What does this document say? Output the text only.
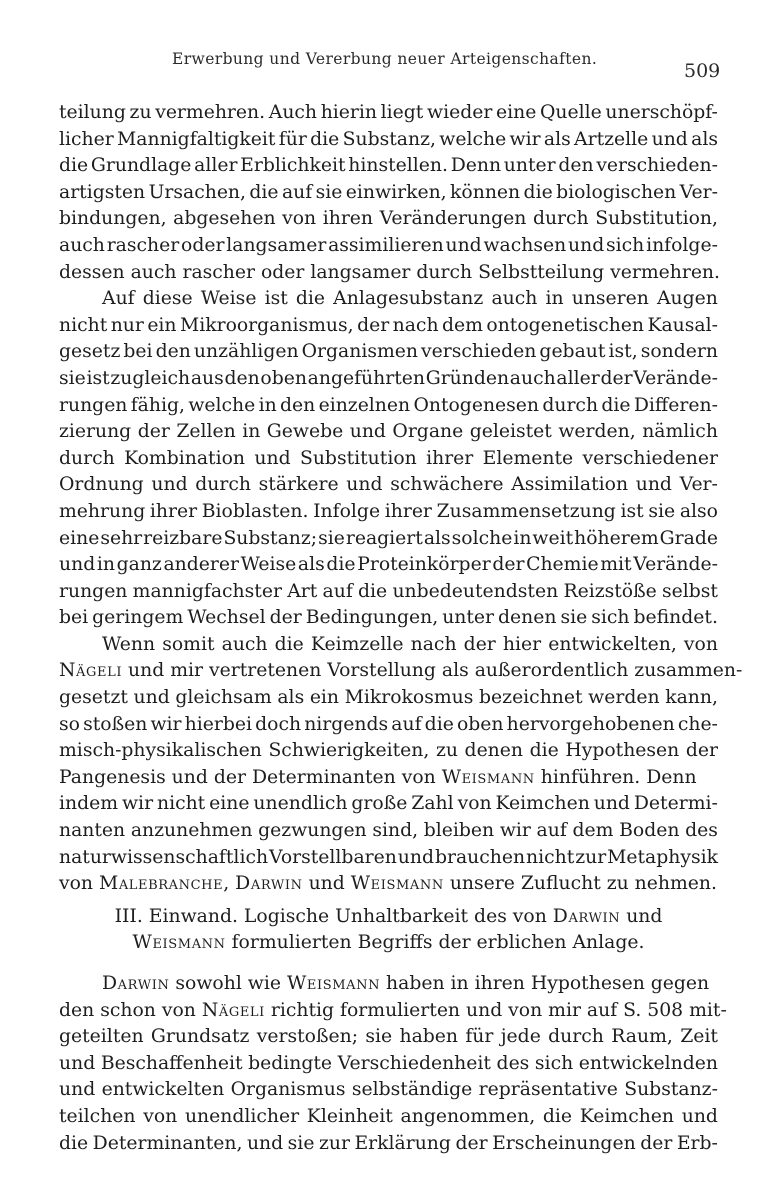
Erwerbung und Vererbung neuer Arteigenschaften.
509
teilung zu vermehren. Auch hierin liegt wieder eine Quelle unerschöpf-
licher Mannigfaltigkeit für die Substanz, welche wir als Artzelle und als
die Grundlage aller Erblichkeit hinstellen. Denn unter den verschieden-
artigsten Ursachen, die auf sie einwirken, können die biologischen Ver-
bindungen, abgesehen von ihren Veränderungen durch Substitution,
auch rascher oder langsamer assimilieren und wachsen und sich infolge-
dessen auch rascher oder langsamer durch Selbstteilung vermehren.
Auf diese Weise ist die Anlagesubstanz auch in unseren Augen
nicht nur ein Mikroorganismus, der nach dem ontogenetischen Kausal-
gesetz bei den unzähligen Organismen verschieden gebaut ist, sondern
sie ist zugleich aus den oben angeführten Gründen auch aller der Verände-
rungen fähig, welche in den einzelnen Ontogenesen durch die Differen-
zierung der Zellen in Gewebe und Organe geleistet werden, nämlich
durch Kombination und Substitution ihrer Elemente verschiedener
Ordnung und durch stärkere und schwächere Assimilation und Ver-
mehrung ihrer Bioblasten. Infolge ihrer Zusammensetzung ist sie also
eine sehr reizbare Substanz; sie reagiert als solche in weit höherem Grade
und in ganz anderer Weise als die Proteinkörper der Chemie mit Verände-
rungen mannigfachster Art auf die unbedeutendsten Reizstöße selbst
bei geringem Wechsel der Bedingungen, unter denen sie sich befindet.
Wenn somit auch die Keimzelle nach der hier entwickelten, von
Nägeli und mir vertretenen Vorstellung als außerordentlich zusammen-
gesetzt und gleichsam als ein Mikrokosmus bezeichnet werden kann,
so stoßen wir hierbei doch nirgends auf die oben hervorgehobenen che-
misch-physikalischen Schwierigkeiten, zu denen die Hypothesen der
Pangenesis und der Determinanten von Weismann hinführen. Denn
indem wir nicht eine unendlich große Zahl von Keimchen und Determi-
nanten anzunehmen gezwungen sind, bleiben wir auf dem Boden des
naturwissenschaftlich Vorstellbaren und brauchen nicht zur Metaphysik
von Malebranche, Darwin und Weismann unsere Zuflucht zu nehmen.
III. Einwand. Logische Unhaltbarkeit des von Darwin und
Weismann formulierten Begriffs der erblichen Anlage.
Darwin sowohl wie Weismann haben in ihren Hypothesen gegen
den schon von Nägeli richtig formulierten und von mir auf S. 508 mit-
geteilten Grundsatz verstoßen; sie haben für jede durch Raum, Zeit
und Beschaffenheit bedingte Verschiedenheit des sich entwickelnden
und entwickelten Organismus selbständige repräsentative Substanz-
teilchen von unendlicher Kleinheit angenommen, die Keimchen und
die Determinanten, und sie zur Erklärung der Erscheinungen der Erb-
